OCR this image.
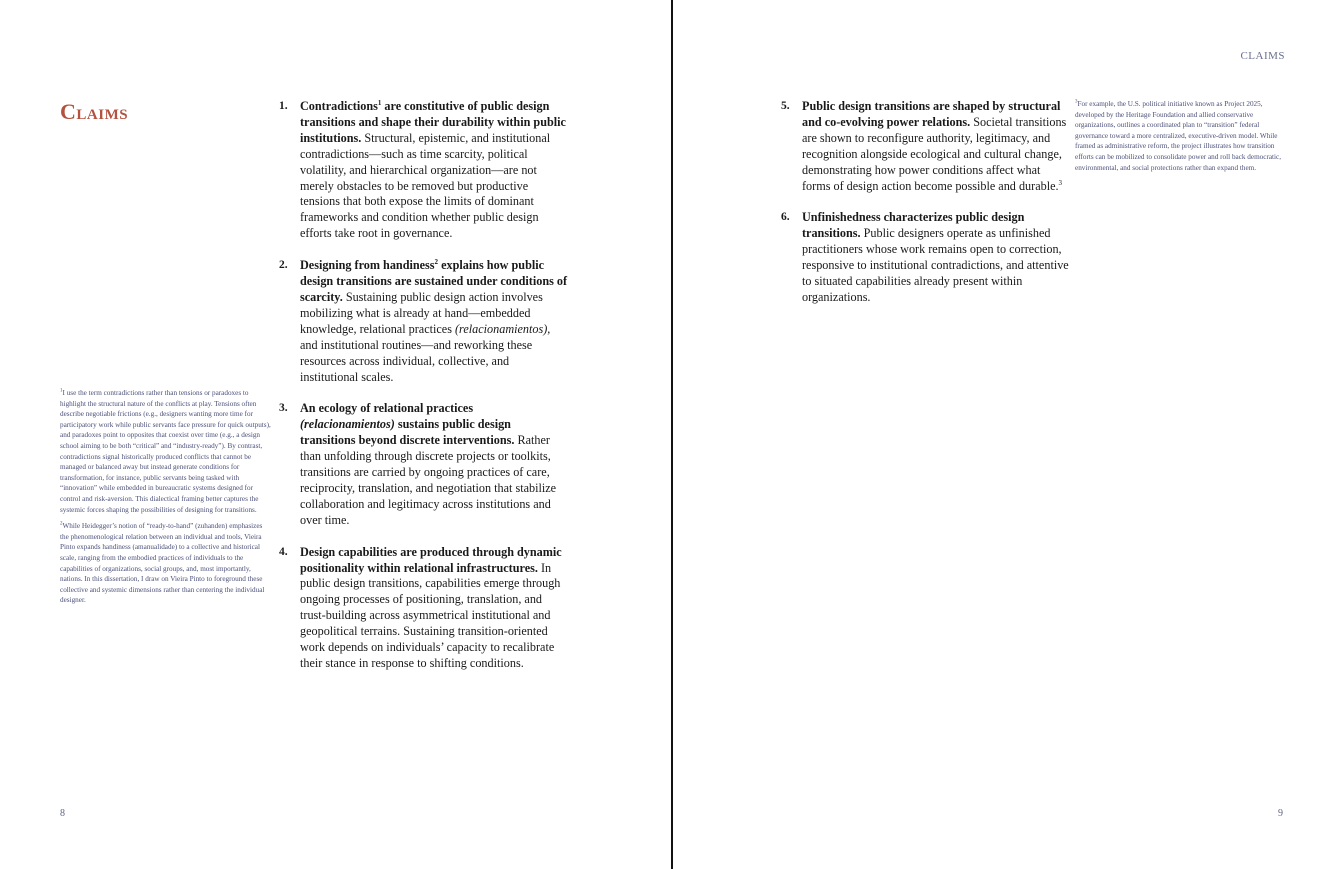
Claims	1.	Contradictions$^1$ are constitutive of public design transitions and shape their durability within public institutions. Structural, epistemic, and institutional contradictions—such as time scarcity, political volatility, and hierarchical organization—are not merely obstacles to be removed but productive tensions that both expose the limits of dominant frameworks and condition whether public design efforts take root in governance.

2.	Designing from handiness$^2$ explains how public design transitions are sustained under conditions of scarcity. Sustaining public design action involves mobilizing what is already at hand—embedded knowledge, relational practices (relacionamientos), and institutional routines—and reworking these resources across individual, collective, and institutional scales.

3.	An ecology of relational practices (relacionamientos) sustains public design transitions beyond discrete interventions. Rather than unfolding through discrete projects or toolkits, transitions are carried by ongoing practices of care, reciprocity, translation, and negotiation that stabilize collaboration and legitimacy across institutions and over time.

4.	Design capabilities are produced through dynamic positionality within relational infrastructures. In public design transitions, capabilities emerge through ongoing processes of positioning, translation, and trust-building across asymmetrical institutional and geopolitical terrains. Sustaining transition-oriented work depends on individuals’ capacity to recalibrate their stance in response to shifting conditions.

$^1$I use the term contradictions rather than tensions or paradoxes to highlight the structural nature of the conflicts at play. Tensions often describe negotiable frictions (e.g., designers wanting more time for participatory work while public servants face pressure for quick outputs), and paradoxes point to opposites that coexist over time (e.g., a design school aiming to be both “critical” and “industry-ready”). By contrast, contradictions signal historically produced conflicts that cannot be managed or balanced away but instead generate conditions for transformation, for instance, public servants being tasked with “innovation” while embedded in bureaucratic systems designed for control and risk-aversion. This dialectical framing better captures the systemic forces shaping the possibilities of designing for transitions.

$^2$While Heidegger’s notion of “ready-to-hand” (zuhanden) emphasizes the phenomenological relation between an individual and tools, Vieira Pinto expands handiness (amanualidade) to a collective and historical scale, ranging from the embodied practices of individuals to the capabilities of organizations, social groups, and, most importantly, nations. In this dissertation, I draw on Vieira Pinto to foreground these collective and systemic dimensions rather than centering the individual designer.

8
CLAIMS
5.	Public design transitions are shaped by structural and co-evolving power relations. Societal transitions are shown to reconfigure authority, legitimacy, and recognition alongside ecological and cultural change, demonstrating how power conditions affect what forms of design action become possible and durable.$^3$

6.	Unfinishedness characterizes public design transitions. Public designers operate as unfinished practitioners whose work remains open to correction, responsive to institutional contradictions, and attentive to situated capabilities already present within organizations.

$^3$For example, the U.S. political initiative known as Project 2025, developed by the Heritage Foundation and allied conservative organizations, outlines a coordinated plan to “transition” federal governance toward a more centralized, executive-driven model. While framed as administrative reform, the project illustrates how transition efforts can be mobilized to consolidate power and roll back democratic, environmental, and social protections rather than expand them.

9
